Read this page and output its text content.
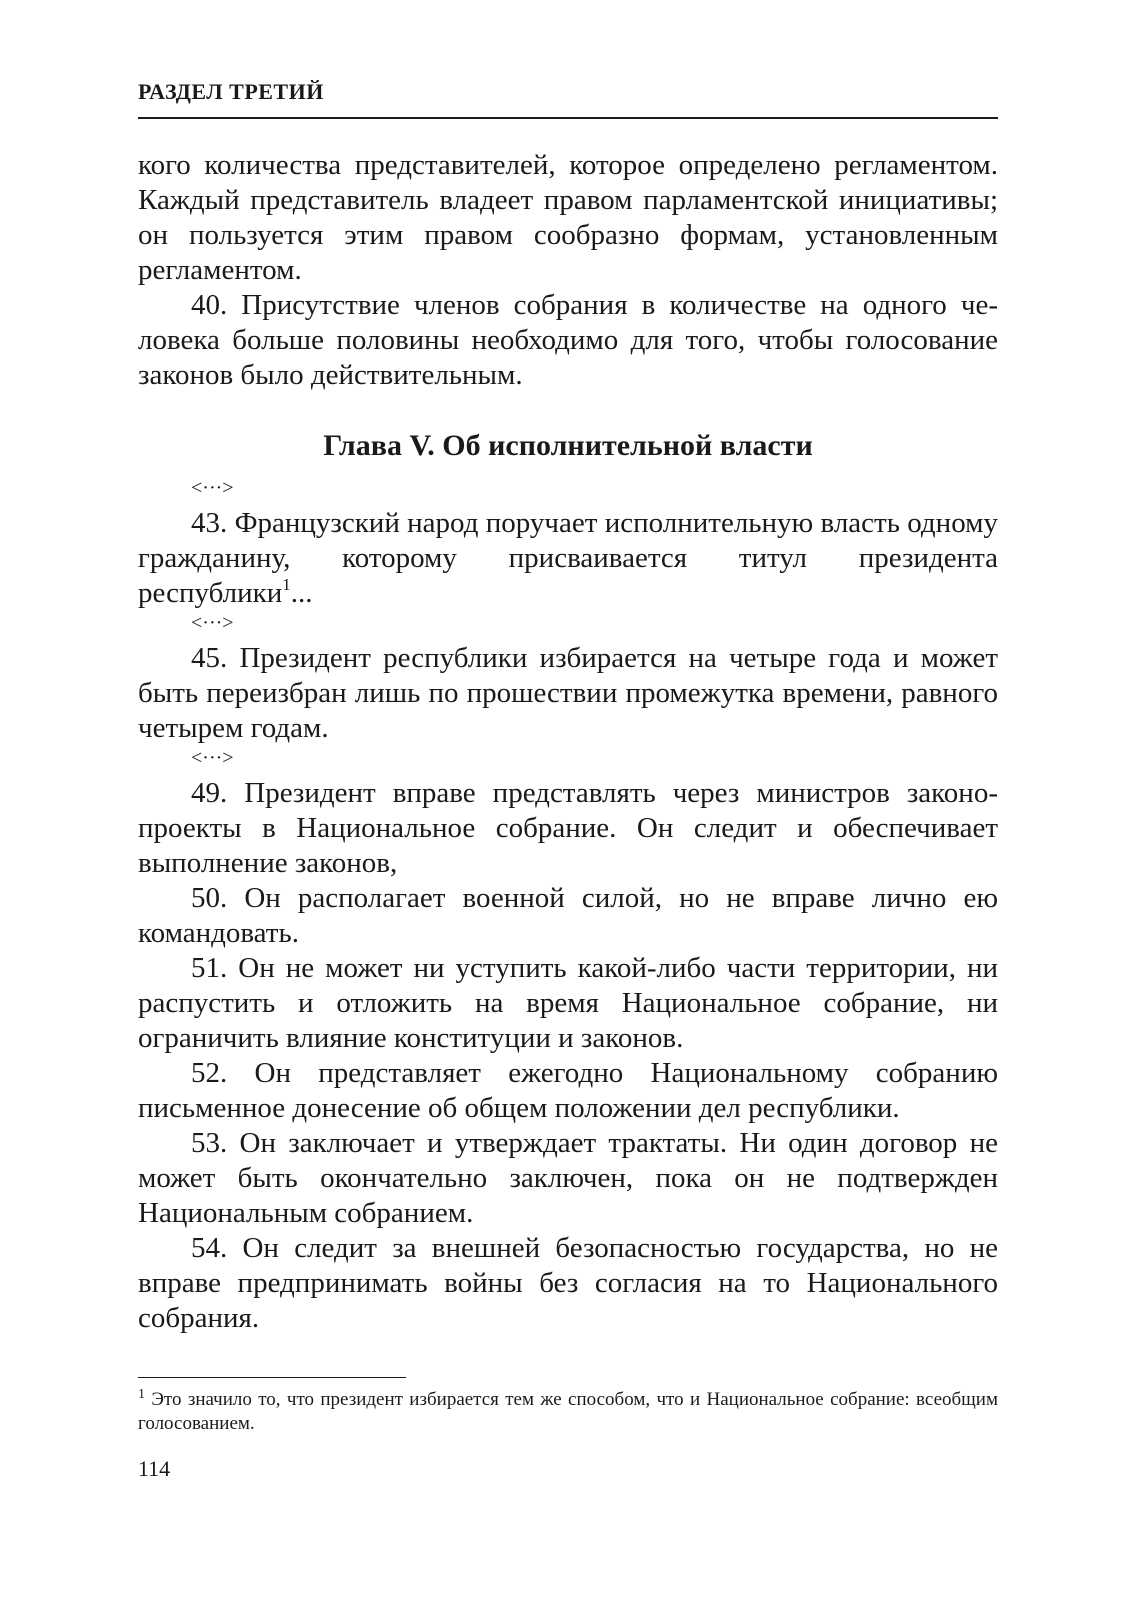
РАЗДЕЛ ТРЕТИЙ

кого количества представителей, которое определено регламентом. Каждый представитель владеет правом парламентской инициативы; он пользуется этим правом сообразно формам, установленным регламентом.

40. Присутствие членов собрания в количестве на одного человека больше половины необходимо для того, чтобы голосование законов было действительным.

Глава V. Об исполнительной власти
<···>

43. Французский народ поручает исполнительную власть одному гражданину, которому присваивается титул президента республики$^1$...

<···>

45. Президент республики избирается на четыре года и может быть переизбран лишь по прошествии промежутка времени, равного четырем годам.

<···>

49. Президент вправе представлять через министров законопроекты в Национальное собрание. Он следит и обеспечивает выполнение законов,

50. Он располагает военной силой, но не вправе лично ею командовать.

51. Он не может ни уступить какой-либо части территории, ни распустить и отложить на время Национальное собрание, ни ограничить влияние конституции и законов.

52. Он представляет ежегодно Национальному собранию письменное донесение об общем положении дел республики.

53. Он заключает и утверждает трактаты. Ни один договор не может быть окончательно заключен, пока он не подтвержден Национальным собранием.

54. Он следит за внешней безопасностью государства, но не вправе предпринимать войны без согласия на то Национального собрания.

$^1$ Это значило то, что президент избирается тем же способом, что и Национальное собрание: всеобщим голосованием.
114
